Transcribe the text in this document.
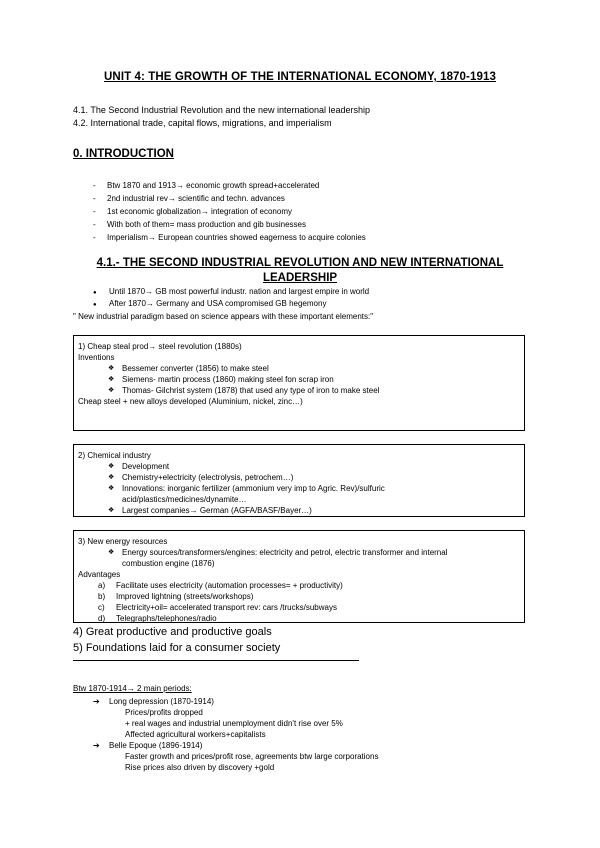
UNIT 4: THE GROWTH OF THE INTERNATIONAL ECONOMY, 1870-1913
4.1. The Second Industrial Revolution and the new international leadership
4.2. International trade, capital flows, migrations, and imperialism
0. INTRODUCTION
- Btw 1870 and 1913→ economic growth spread+accelerated
- 2nd industrial rev→ scientific and techn. advances
- 1st economic globalization→ integration of economy
- With both of them= mass production and gib businesses
- Imperialism→ European countries showed eagerness to acquire colonies
4.1.- THE SECOND INDUSTRIAL REVOLUTION AND NEW INTERNATIONAL
LEADERSHIP
● Until 1870→ GB most powerful industr. nation and largest empire in world
● After 1870→ Germany and USA compromised GB hegemony
" New industrial paradigm based on science appears with these important elements:"

1) Cheap steal prod→ steel revolution (1880s)

Inventions

❖ Bessemer converter (1856) to make steel
❖ Siemens- martin process (1860) making steel fon scrap iron
❖ Thomas- Gilchrist system (1878) that used any type of iron to make steel

Cheap steel + new alloys developed (Aluminium, nickel, zinc…)

2) Chemical industry

❖ Development
❖ Chemistry+electricity (electrolysis, petrochem…)
❖ Innovations: inorganic fertilizer (ammonium very imp to Agric. Rev)/sulfuric acid/plastics/medicines/dynamite…
❖ Largest companies→ German (AGFA/BASF/Bayer…)

3) New energy resources

❖ Energy sources/transformers/engines: electricity and petrol, electric transformer and internal combustion engine (1876)

Advantages

a) Facilitate uses electricity (automation processes= + productivity)
b) Improved lightning (streets/workshops)
c) Electricity+oil= accelerated transport rev: cars /trucks/subways
d) Telegraphs/telephones/radio
4) Great productive and productive goals
5) Foundations laid for a consumer society
Btw 1870-1914→ 2 main periods:
➔ Long depression (1870-1914)
Prices/profits dropped
+ real wages and industrial unemployment didn't rise over 5%
Affected agricultural workers+capitalists
➔ Belle Epoque (1896-1914)
Faster growth and prices/profit rose, agreements btw large corporations
Rise prices also driven by discovery +gold
